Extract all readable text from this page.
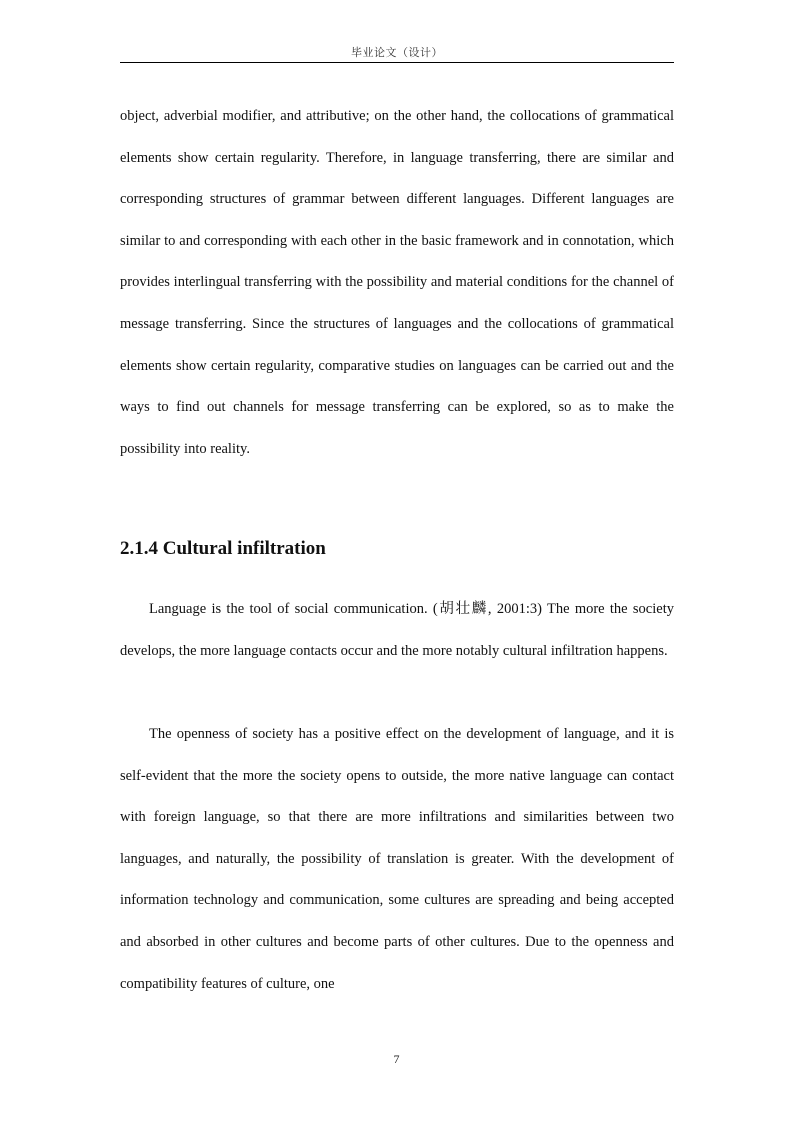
毕业论文（设计）

object, adverbial modifier, and attributive; on the other hand, the collocations of grammatical elements show certain regularity. Therefore, in language transferring, there are similar and corresponding structures of grammar between different languages. Different languages are similar to and corresponding with each other in the basic framework and in connotation, which provides interlingual transferring with the possibility and material conditions for the channel of message transferring. Since the structures of languages and the collocations of grammatical elements show certain regularity, comparative studies on languages can be carried out and the ways to find out channels for message transferring can be explored, so as to make the possibility into reality.

2.1.4 Cultural infiltration

Language is the tool of social communication. (胡壮麟, 2001:3) The more the society develops, the more language contacts occur and the more notably cultural infiltration happens.

The openness of society has a positive effect on the development of language, and it is self-evident that the more the society opens to outside, the more native language can contact with foreign language, so that there are more infiltrations and similarities between two languages, and naturally, the possibility of translation is greater. With the development of information technology and communication, some cultures are spreading and being accepted and absorbed in other cultures and become parts of other cultures. Due to the openness and compatibility features of culture, one

7
